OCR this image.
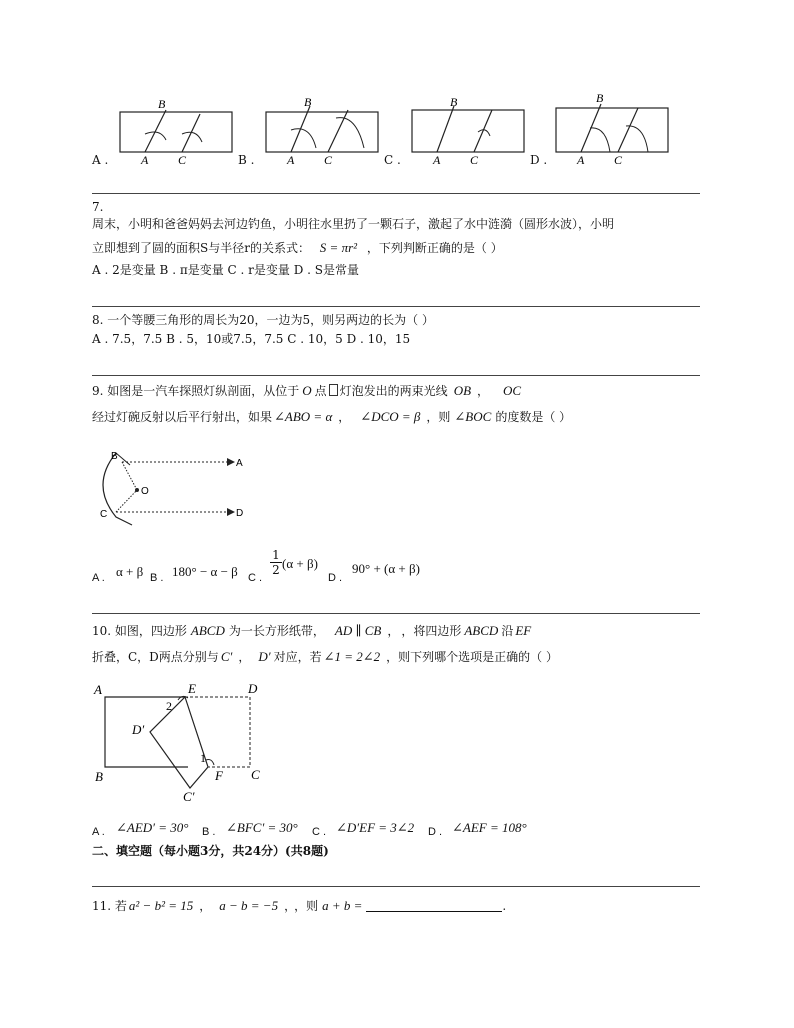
A .	B .	C .	D .
B
A C
B
A C
B
A C
B
A C
7.
周末，小明和爸爸妈妈去河边钓鱼，小明往水里扔了一颗石子，激起了水中涟漪（圆形水波），小明
立即想到了圆的面积S与半径r的关系式： S = πr² ，下列判断正确的是（ ）
A . 2是变量 B . π是变量 C . r是变量 D . S是常量
8. 一个等腰三角形的周长为20，一边为5，则另两边的长为（ ）
A . 7.5，7.5 B . 5，10或7.5，7.5 C . 10，5 D . 10，15
9. 如图是一汽车探照灯纵剖面，从位于 O 点 灯泡发出的两束光线 OB ， OC
经过灯碗反射以后平行射出，如果 ∠ABO = α ， ∠DCO = β ，则 ∠BOC 的度数是（ ）
B
A
O
C	D
A . α + β B . 180° − α − β C .
$\frac{1}{2} (\alpha + \beta)$
D .
90° + (α + β)
10. 如图，四边形 ABCD 为一长方形纸带， AD ∥ CB ， ，将四边形 ABCD 沿 EF
折叠，C，D两点分别与 C′ ， D′ 对应，若 ∠1 = 2∠2 ，则下列哪个选项是正确的（ ）
A	E	D
D′
2
1
B	F C
C′
A . ∠AED′ = 30° B . ∠BFC′ = 30° C . ∠D′EF = 3∠2 D . ∠AEF = 108°
二、填空题（每小题3分，共24分）(共8题)
11. 若 a² − b² = 15 ， a − b = −5 ， ，则 a + b =	.
